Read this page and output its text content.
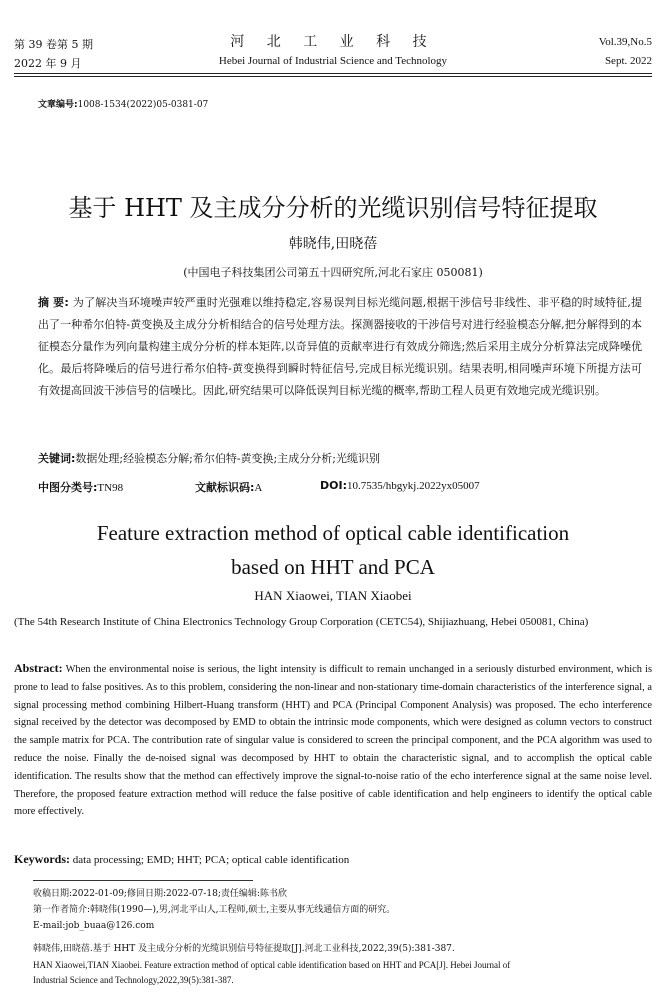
第 39 卷第 5 期
2022 年 9 月
河 北 工 业 科 技
Hebei Journal of Industrial Science and Technology
Vol.39,No.5
Sept. 2022
文章编号:1008-1534(2022)05-0381-07
基于 HHT 及主成分分析的光缆识别信号特征提取
韩晓伟,田晓蓓
(中国电子科技集团公司第五十四研究所,河北石家庄 050081)
摘 要: 为了解决当环境噪声较严重时光强难以维持稳定,容易误判目标光缆问题,根据干涉信号非线性、非平稳的时域特征,提出了一种希尔伯特-黄变换及主成分分析相结合的信号处理方法。探测器接收的干涉信号对进行经验模态分解,把分解得到的本征模态分量作为列向量构建主成分分析的样本矩阵,以奇异值的贡献率进行有效成分筛选;然后采用主成分分析算法完成降噪优化。最后将降噪后的信号进行希尔伯特-黄变换得到瞬时特征信号,完成目标光缆识别。结果表明,相同噪声环境下所提方法可有效提高回波干涉信号的信噪比。因此,研究结果可以降低误判目标光缆的概率,帮助工程人员更有效地完成光缆识别。
关键词:数据处理;经验模态分解;希尔伯特-黄变换;主成分分析;光缆识别
中图分类号:TN98	文献标识码:A	DOI:10.7535/hbgykj.2022yx05007
Feature extraction method of optical cable identification
based on HHT and PCA
HAN Xiaowei, TIAN Xiaobei
(The 54th Research Institute of China Electronics Technology Group Corporation (CETC54), Shijiazhuang, Hebei 050081, China)
Abstract: When the environmental noise is serious, the light intensity is difficult to remain unchanged in a seriously disturbed environment, which is prone to lead to false positives. As to this problem, considering the non-linear and non-stationary time-domain characteristics of the interference signal, a signal processing method combining Hilbert-Huang transform (HHT) and PCA (Principal Component Analysis) was proposed. The echo interference signal received by the detector was decomposed by EMD to obtain the intrinsic mode components, which were designed as column vectors to construct the sample matrix for PCA. The contribution rate of singular value is considered to screen the principal component, and the PCA algorithm was used to reduce the noise. Finally the de-noised signal was decomposed by HHT to obtain the characteristic signal, and to accomplish the optical cable identification. The results show that the method can effectively improve the signal-to-noise ratio of the echo interference signal at the same noise level. Therefore, the proposed feature extraction method will reduce the false positive of cable identification and help engineers to identify the optical cable more effectively.
Keywords: data processing; EMD; HHT; PCA; optical cable identification
收稿日期:2022-01-09;修回日期:2022-07-18;责任编辑:陈书欣
第一作者简介:韩晓伟(1990—),男,河北平山人,工程师,硕士,主要从事无线通信方面的研究。
E-mail:job_buaa@126.com
韩晓伟,田晓蓓.基于 HHT 及主成分分析的光缆识别信号特征提取[J].河北工业科技,2022,39(5):381-387.
HAN Xiaowei,TIAN Xiaobei. Feature extraction method of optical cable identification based on HHT and PCA[J]. Hebei Journal of
Industrial Science and Technology,2022,39(5):381-387.
